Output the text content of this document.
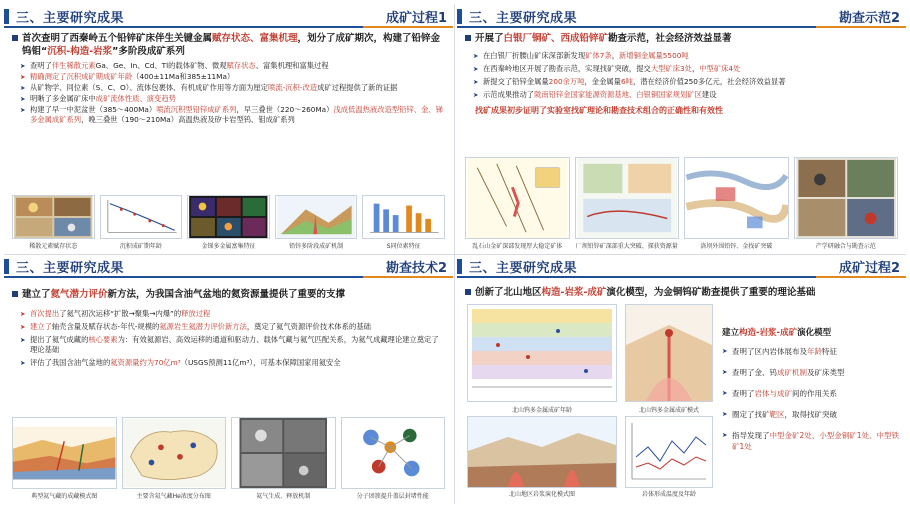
三、主要研究成果	成矿过程1
首次查明了西秦岭五个铅锌矿床伴生关键金属赋存状态、富集机理，划分了成矿期次，构建了铅锌金钨钼“沉积-构造-岩浆”多阶段成矿系列
➤ 查明了伴生稀散元素Ga、Ge、In、Cd、Tl的载体矿物、微观赋存状态、富集机理和富集过程
➤ 精确测定了沉积成矿期成矿年龄（400±11Ma和385±11Ma）
➤ 从矿物学、同位素（S、C、O）、流体包裹体、有机成矿作用等方面为厘定喷流-沉积-改造成矿过程提供了新的证据
➤ 明晰了多金属矿床中成矿流体性质、演变趋势
➤ 构建了早一中泥盆世（385～400Ma）喷流沉积型铅锌成矿系列，早三叠世（220～260Ma）浅成低温热液改造型铅锌、金、锑多金属成矿系列，晚三叠世（190～210Ma）高温热液及矽卡岩型钨、钼成矿系列
稀散元素赋存状态	沉积成矿期年龄	金锑多金属富集特征	铅锌多阶段成矿机制	S同位素特征
三、主要研究成果	勘查示范2
开展了白银厂铜矿、西成铅锌矿勘查示范，社会经济效益显著
➤ 在白银厂折腰山矿床深部新发现矿体7条，新增铜金属量5500吨
➤ 在西秦岭地区开展了勘查示范，实现找矿突破，提交大型矿床3处，中型矿床4处
➤ 新提交了铅锌金属量200余万吨，金金属量6吨，潜在经济价值250多亿元，社会经济效益显著
➤ 示范成果推动了陇南铅锌金国家能源资源基地、白银铜国家规划矿区建设
找矿成果初步证明了实验室找矿理论和勘查技术组合的正确性和有效性
乱石山金矿深部发现厚大稳定矿体 厂坝铅锌矿深部重大突破、探获资源量	洛坝外围铅锌、金找矿突破	产学研融合与勘查示范
三、主要研究成果	勘查技术2
建立了氦气潜力评价新方法，为我国含油气盆地的氦资源量提供了重要的支撑
➤ 首次提出了氦气初次运移“扩散→聚集→内爆”的释放过程
➤ 建立了轴壳含量及赋存状态-年代-规模的氦源岩生氦潜力评价新方法，奠定了氦气资源评价技术体系的基础
➤ 提出了氦气成藏的核心要素为：有效氦源岩、高效运移的通道和驱动力、载体气藏与氦气匹配关系，为氦气成藏理论建立奠定了理论基础
➤ 评估了我国含油气盆地的氦资源量约为70亿m³（USGS预测11亿m³），可基本保障国家用氦安全
典型氦气藏的成藏模式图	主要含氦气藏He浓度分布图	氦气生成、释放机制	分子团簇提升盖层封堵性能
三、主要研究成果	成矿过程2
创新了北山地区构造-岩浆-成矿演化模型，为金铜钨矿勘查提供了重要的理论基础
北山钨多金属成矿年龄	北山钨多金属成矿模式
北山地区岩浆演化模式图	岩体形成温度及年龄
建立构造-岩浆-成矿演化模型
➤ 查明了区内岩体展布及年龄特征
➤ 查明了金、钨成矿机制及矿床类型
➤ 查明了岩体与成矿间的作用关系
➤ 圈定了找矿靶区，取得找矿突破
➤ 指导发现了中型金矿2处、小型金铜矿1处、中型铁矿1处
